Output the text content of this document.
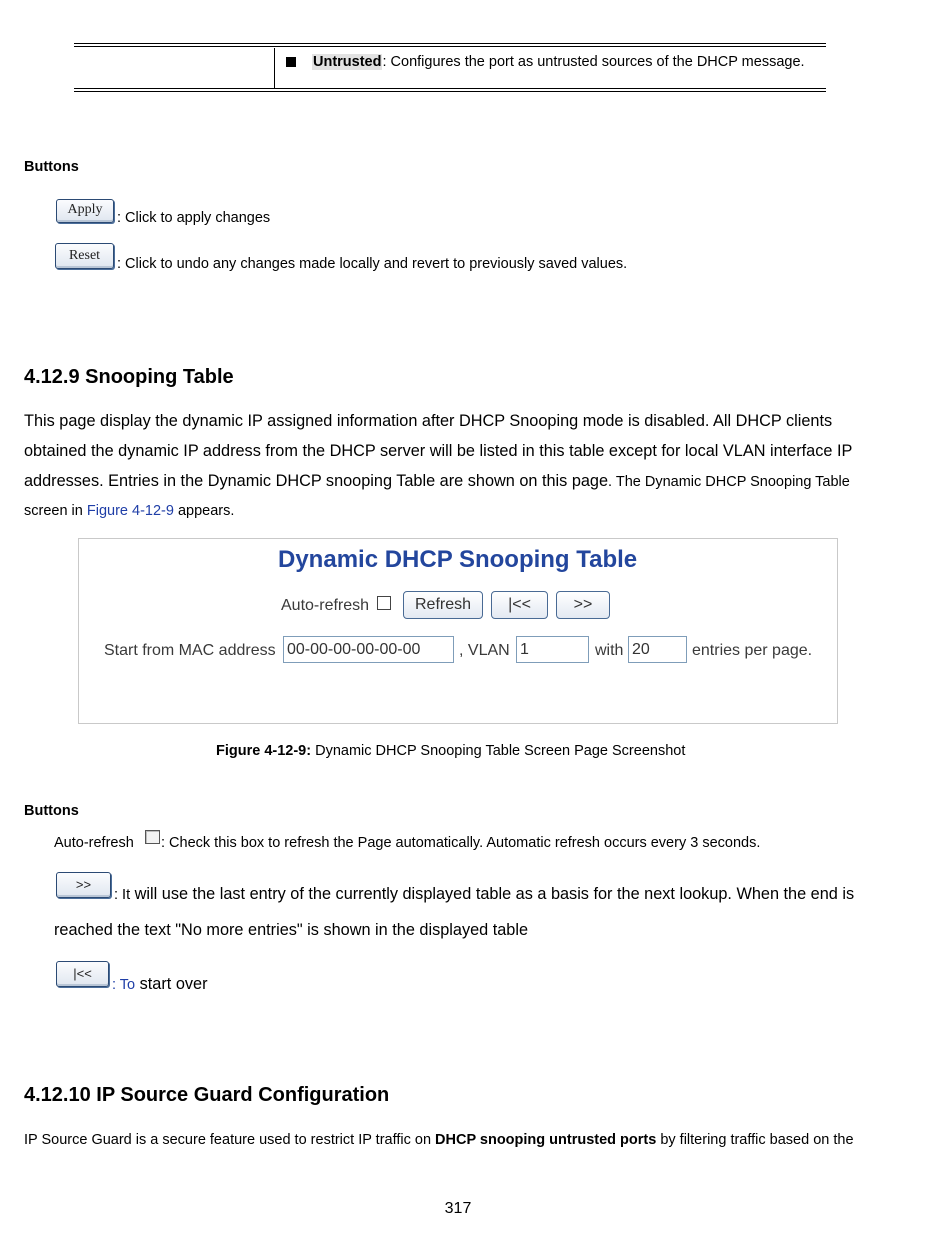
Untrusted: Configures the port as untrusted sources of the DHCP message.
Buttons
Apply
: Click to apply changes
Reset
: Click to undo any changes made locally and revert to previously saved values.
4.12.9 Snooping Table
This page display the dynamic IP assigned information after DHCP Snooping mode is disabled. All DHCP clients
obtained the dynamic IP address from the DHCP server will be listed in this table except for local VLAN interface IP
addresses. Entries in the Dynamic DHCP snooping Table are shown on this page. The Dynamic DHCP Snooping Table
screen in Figure 4-12-9 appears.
Dynamic DHCP Snooping Table
Auto-refresh	Refresh	|<<	>>
Start from MAC address
00-00-00-00-00-00	, VLAN
1	with
20	entries per page.
Figure 4-12-9: Dynamic DHCP Snooping Table Screen Page Screenshot
Buttons
Auto-refresh : Check this box to refresh the Page automatically. Automatic refresh occurs every 3 seconds.
>>
: It will use the last entry of the currently displayed table as a basis for the next lookup. When the end is
reached the text "No more entries" is shown in the displayed table
|<<
: To start over
4.12.10 IP Source Guard Configuration
IP Source Guard is a secure feature used to restrict IP traffic on DHCP snooping untrusted ports by filtering traffic based on the
317
